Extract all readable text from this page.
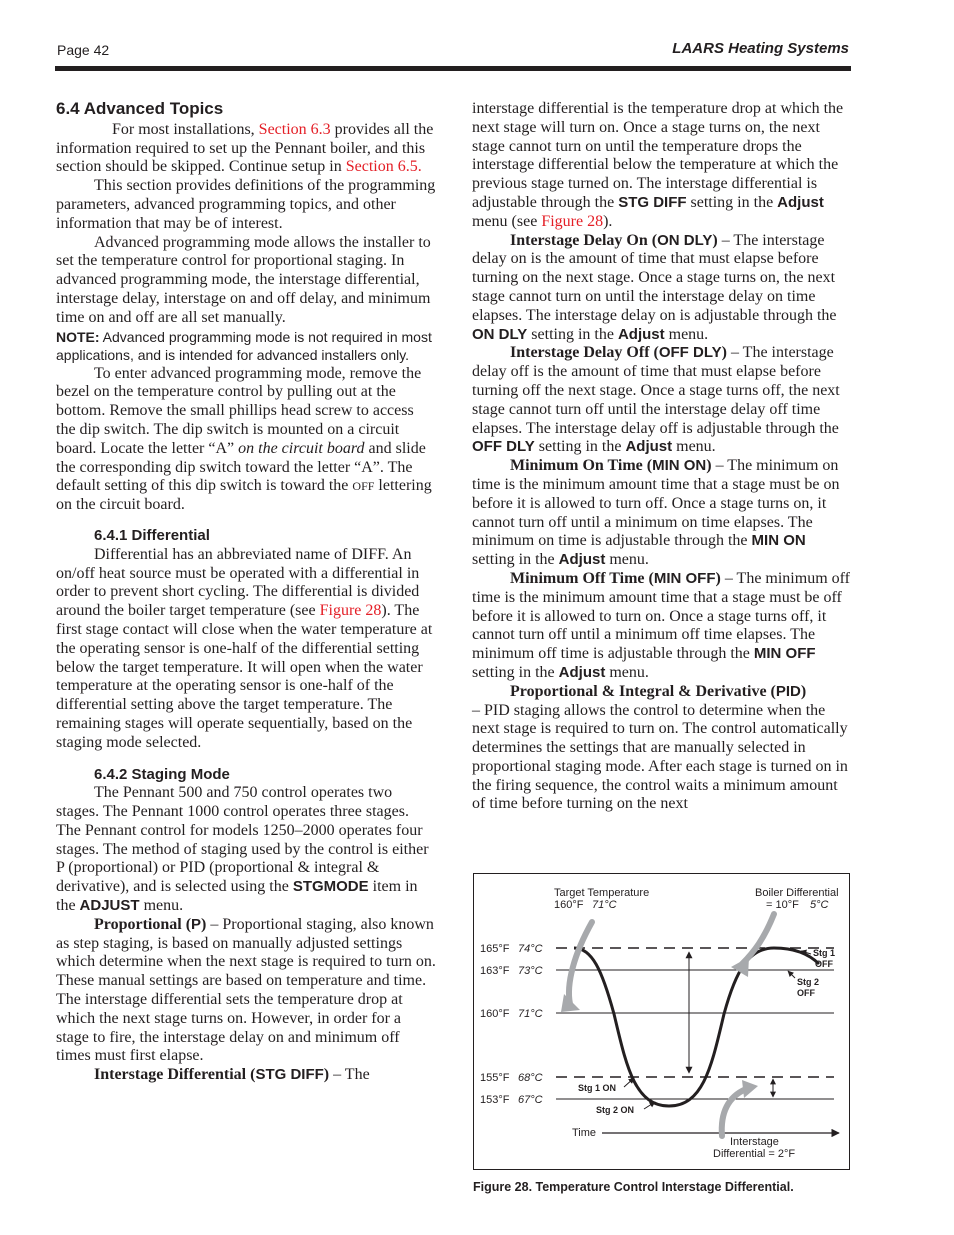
Page 42	LAARS Heating Systems
6.4 Advanced Topics

For most installations, Section 6.3 provides all the information required to set up the Pennant boiler, and this section should be skipped. Continue setup in Section 6.5.

This section provides definitions of the programming parameters, advanced programming topics, and other information that may be of interest.

Advanced programming mode allows the installer to set the temperature control for proportional staging. In advanced programming mode, the interstage differential, interstage delay, interstage on and off delay, and minimum time on and off are all set manually.

NOTE: Advanced programming mode is not required in most applications, and is intended for advanced installers only.

To enter advanced programming mode, remove the bezel on the temperature control by pulling out at the bottom. Remove the small phillips head screw to access the dip switch. The dip switch is mounted on a circuit board. Locate the letter “A” on the circuit board and slide the corresponding dip switch toward the letter “A”. The default setting of this dip switch is toward the OFF lettering on the circuit board.

6.4.1 Differential

Differential has an abbreviated name of DIFF. An on/off heat source must be operated with a differential in order to prevent short cycling. The differential is divided around the boiler target temperature (see Figure 28). The first stage contact will close when the water temperature at the operating sensor is one-half of the differential setting below the target temperature. It will open when the water temperature at the operating sensor is one-half of the differential setting above the target temperature. The remaining stages will operate sequentially, based on the staging mode selected.

6.4.2 Staging Mode

The Pennant 500 and 750 control operates two stages. The Pennant 1000 control operates three stages. The Pennant control for models 1250–2000 operates four stages. The method of staging used by the control is either P (proportional) or PID (proportional & integral & derivative), and is selected using the STGMODE item in the ADJUST menu.

Proportional (P) – Proportional staging, also known as step staging, is based on manually adjusted settings which determine when the next stage is required to turn on. These manual settings are based on temperature and time. The interstage differential sets the temperature drop at which the next stage turns on. However, in order for a stage to fire, the interstage delay on and minimum off times must first elapse.

Interstage Differential (STG DIFF) – The

interstage differential is the temperature drop at which the next stage will turn on. Once a stage turns on, the next stage cannot turn on until the temperature drops the interstage differential below the temperature at which the previous stage turned on. The interstage differential is adjustable through the STG DIFF setting in the Adjust menu (see Figure 28).

Interstage Delay On (ON DLY) – The interstage delay on is the amount of time that must elapse before turning on the next stage. Once a stage turns on, the next stage cannot turn on until the interstage delay on time elapses. The interstage delay on is adjustable through the ON DLY setting in the Adjust menu.

Interstage Delay Off (OFF DLY) – The interstage delay off is the amount of time that must elapse before turning off the next stage. Once a stage turns off, the next stage cannot turn off until the interstage delay off time elapses. The interstage delay off is adjustable through the OFF DLY setting in the Adjust menu.

Minimum On Time (MIN ON) – The minimum on time is the minimum amount time that a stage must be on before it is allowed to turn off. Once a stage turns on, it cannot turn off until a minimum on time elapses. The minimum on time is adjustable through the MIN ON setting in the Adjust menu.

Minimum Off Time (MIN OFF) – The minimum off time is the minimum amount time that a stage must be off before it is allowed to turn on. Once a stage turns off, it cannot turn off until a minimum off time elapses. The minimum off time is adjustable through the MIN OFF setting in the Adjust menu.

Proportional & Integral & Derivative (PID)

– PID staging allows the control to determine when the next stage is required to turn on. The control automatically determines the settings that are manually selected in proportional staging mode. After each stage is turned on in the firing sequence, the control waits a minimum amount of time before turning on the next

Target Temperature
160°F 71°C
Boiler Differential
= 10°F 5°C
165°F 74°C
163°F 73°C
160°F 71°C
155°F 68°C
153°F 67°C
Stg 1
OFF
Stg 2
OFF
Stg 1 ON
Stg 2 ON
Time
Interstage
Differential = 2°F
Figure 28. Temperature Control Interstage Differential.
